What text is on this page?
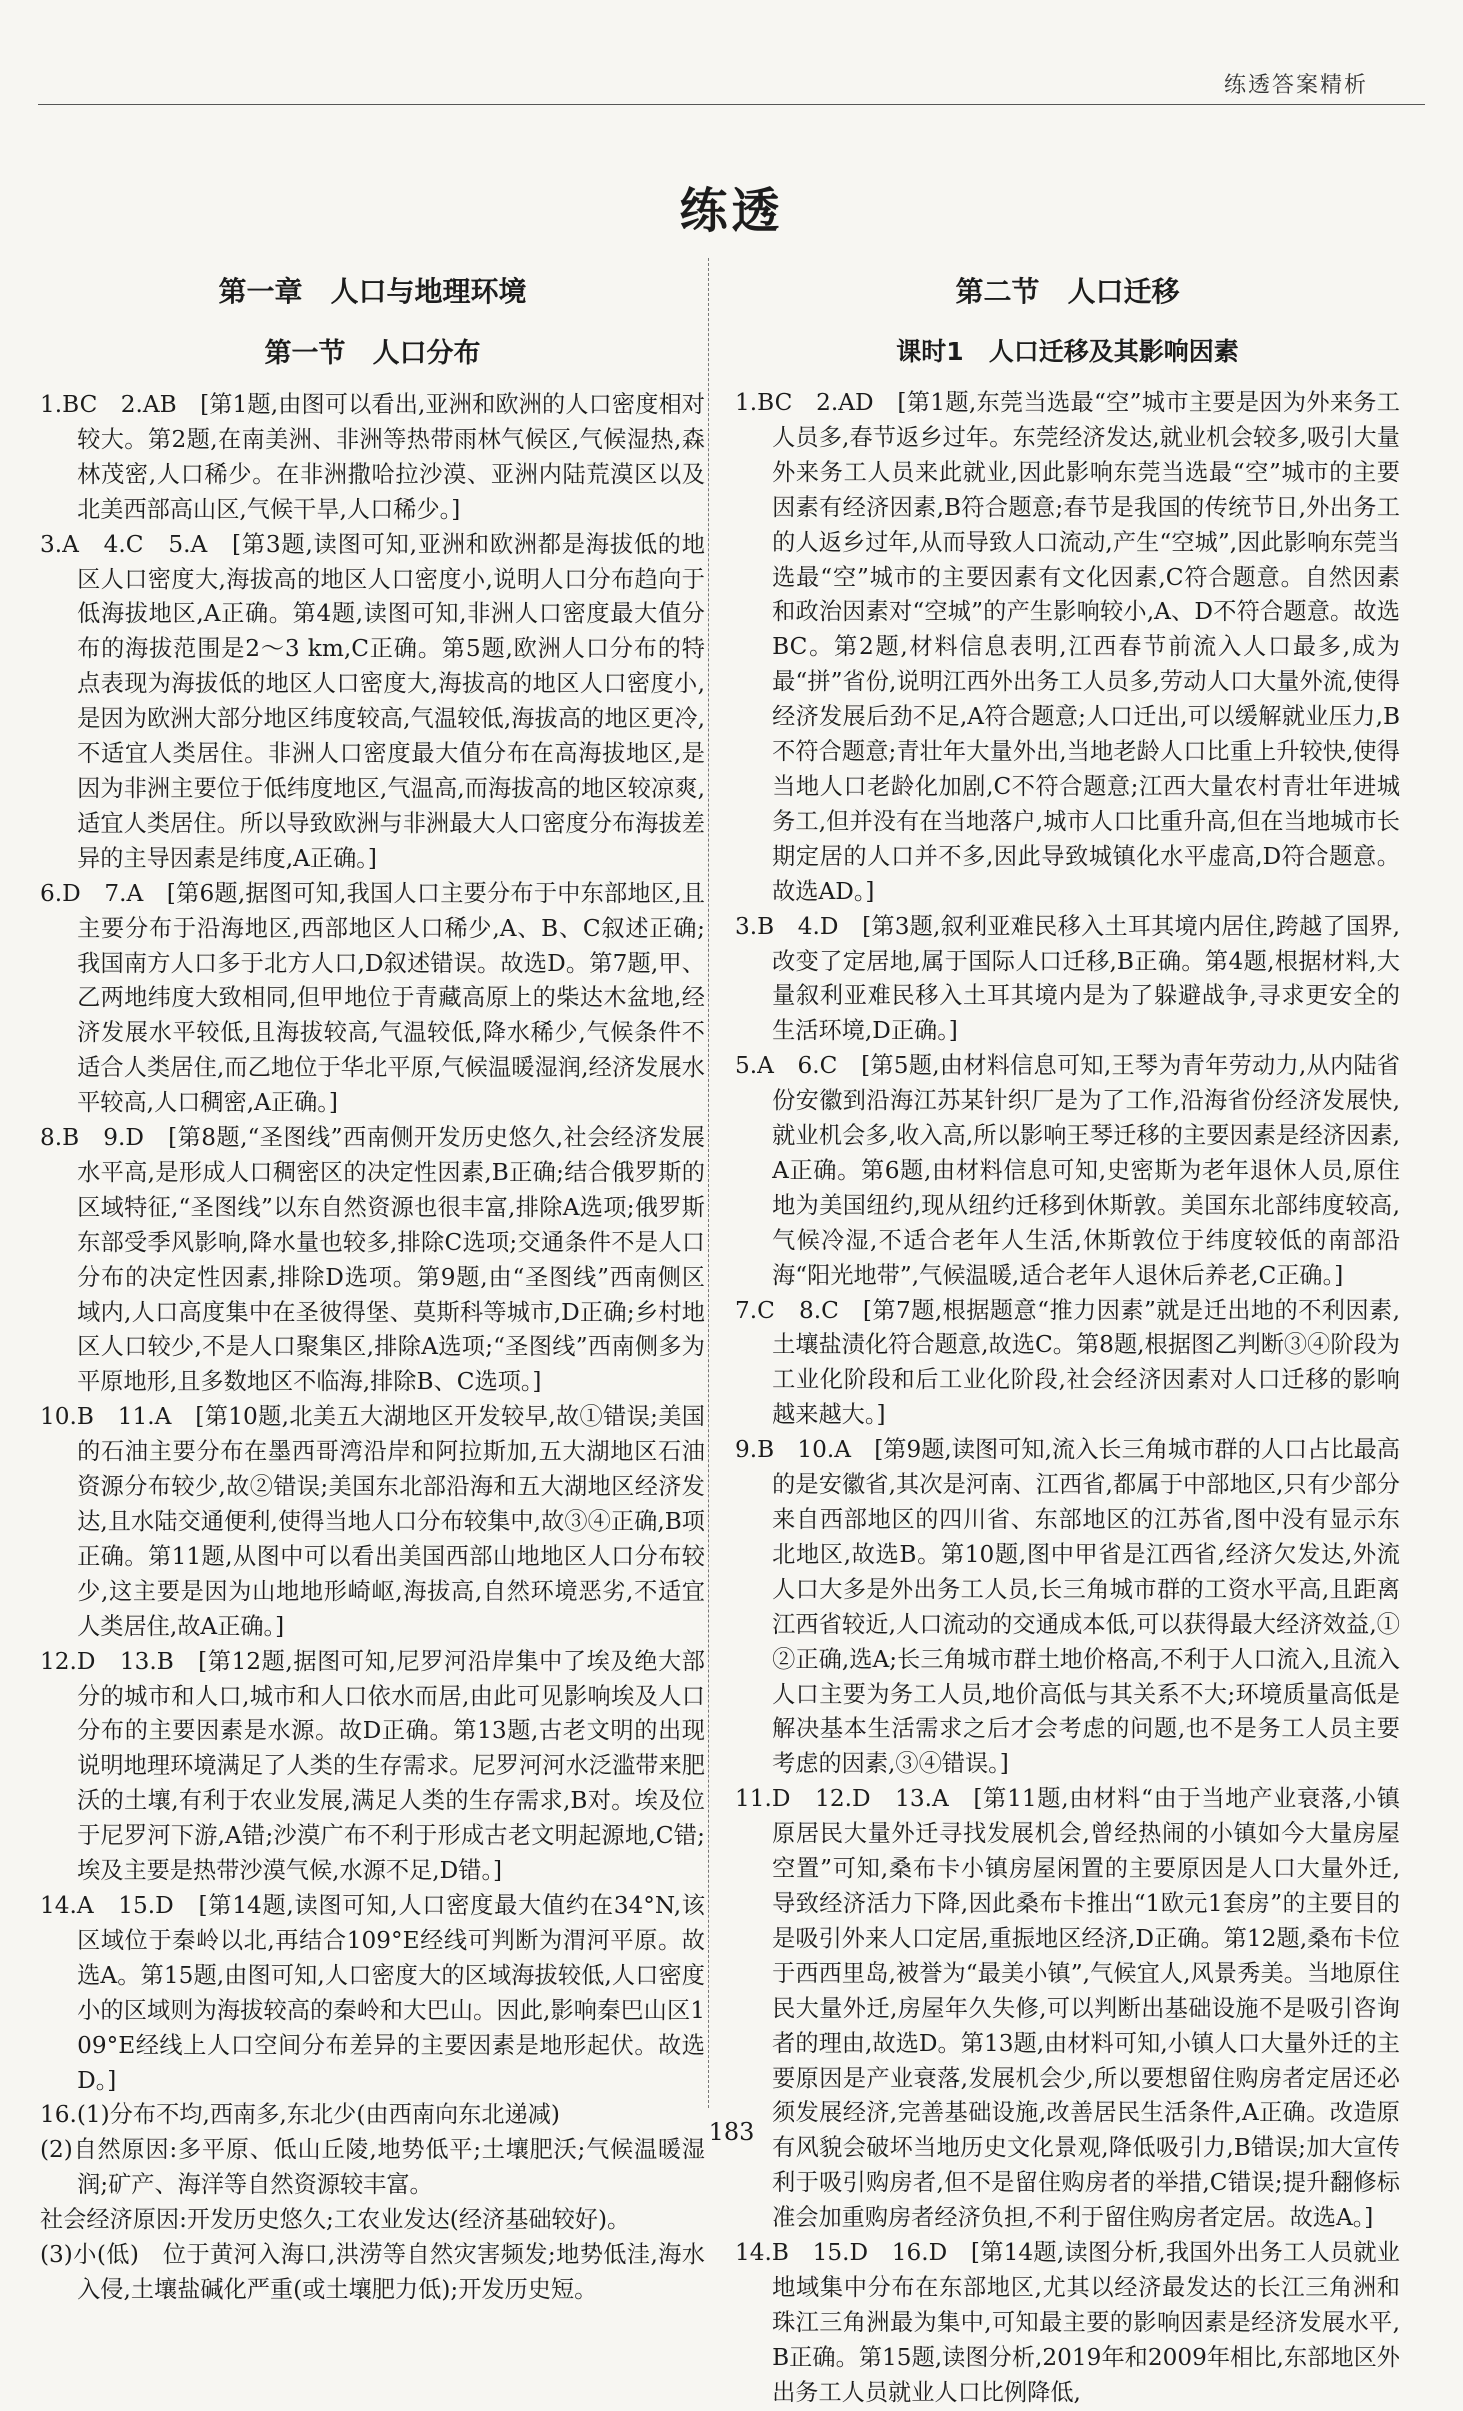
练透答案精析
练透
第一章　人口与地理环境
第一节　人口分布

1.BC　2.AB　[第1题,由图可以看出,亚洲和欧洲的人口密度相对较大。第2题,在南美洲、非洲等热带雨林气候区,气候湿热,森林茂密,人口稀少。在非洲撒哈拉沙漠、亚洲内陆荒漠区以及北美西部高山区,气候干旱,人口稀少。]

3.A　4.C　5.A　[第3题,读图可知,亚洲和欧洲都是海拔低的地区人口密度大,海拔高的地区人口密度小,说明人口分布趋向于低海拔地区,A正确。第4题,读图可知,非洲人口密度最大值分布的海拔范围是2～3 km,C正确。第5题,欧洲人口分布的特点表现为海拔低的地区人口密度大,海拔高的地区人口密度小,是因为欧洲大部分地区纬度较高,气温较低,海拔高的地区更冷,不适宜人类居住。非洲人口密度最大值分布在高海拔地区,是因为非洲主要位于低纬度地区,气温高,而海拔高的地区较凉爽,适宜人类居住。所以导致欧洲与非洲最大人口密度分布海拔差异的主导因素是纬度,A正确。]

6.D　7.A　[第6题,据图可知,我国人口主要分布于中东部地区,且主要分布于沿海地区,西部地区人口稀少,A、B、C叙述正确;我国南方人口多于北方人口,D叙述错误。故选D。第7题,甲、乙两地纬度大致相同,但甲地位于青藏高原上的柴达木盆地,经济发展水平较低,且海拔较高,气温较低,降水稀少,气候条件不适合人类居住,而乙地位于华北平原,气候温暖湿润,经济发展水平较高,人口稠密,A正确。]

8.B　9.D　[第8题,“圣图线”西南侧开发历史悠久,社会经济发展水平高,是形成人口稠密区的决定性因素,B正确;结合俄罗斯的区域特征,“圣图线”以东自然资源也很丰富,排除A选项;俄罗斯东部受季风影响,降水量也较多,排除C选项;交通条件不是人口分布的决定性因素,排除D选项。第9题,由“圣图线”西南侧区域内,人口高度集中在圣彼得堡、莫斯科等城市,D正确;乡村地区人口较少,不是人口聚集区,排除A选项;“圣图线”西南侧多为平原地形,且多数地区不临海,排除B、C选项。]

10.B　11.A　[第10题,北美五大湖地区开发较早,故①错误;美国的石油主要分布在墨西哥湾沿岸和阿拉斯加,五大湖地区石油资源分布较少,故②错误;美国东北部沿海和五大湖地区经济发达,且水陆交通便利,使得当地人口分布较集中,故③④正确,B项正确。第11题,从图中可以看出美国西部山地地区人口分布较少,这主要是因为山地地形崎岖,海拔高,自然环境恶劣,不适宜人类居住,故A正确。]

12.D　13.B　[第12题,据图可知,尼罗河沿岸集中了埃及绝大部分的城市和人口,城市和人口依水而居,由此可见影响埃及人口分布的主要因素是水源。故D正确。第13题,古老文明的出现说明地理环境满足了人类的生存需求。尼罗河河水泛滥带来肥沃的土壤,有利于农业发展,满足人类的生存需求,B对。埃及位于尼罗河下游,A错;沙漠广布不利于形成古老文明起源地,C错;埃及主要是热带沙漠气候,水源不足,D错。]

14.A　15.D　[第14题,读图可知,人口密度最大值约在34°N,该区域位于秦岭以北,再结合109°E经线可判断为渭河平原。故选A。第15题,由图可知,人口密度大的区域海拔较低,人口密度小的区域则为海拔较高的秦岭和大巴山。因此,影响秦巴山区109°E经线上人口空间分布差异的主要因素是地形起伏。故选D。]

16.(1)分布不均,西南多,东北少(由西南向东北递减)

(2)自然原因:多平原、低山丘陵,地势低平;土壤肥沃;气候温暖湿润;矿产、海洋等自然资源较丰富。

社会经济原因:开发历史悠久;工农业发达(经济基础较好)。

(3)小(低)　位于黄河入海口,洪涝等自然灾害频发;地势低洼,海水入侵,土壤盐碱化严重(或土壤肥力低);开发历史短。

第二节　人口迁移
课时1　人口迁移及其影响因素

1.BC　2.AD　[第1题,东莞当选最“空”城市主要是因为外来务工人员多,春节返乡过年。东莞经济发达,就业机会较多,吸引大量外来务工人员来此就业,因此影响东莞当选最“空”城市的主要因素有经济因素,B符合题意;春节是我国的传统节日,外出务工的人返乡过年,从而导致人口流动,产生“空城”,因此影响东莞当选最“空”城市的主要因素有文化因素,C符合题意。自然因素和政治因素对“空城”的产生影响较小,A、D不符合题意。故选BC。第2题,材料信息表明,江西春节前流入人口最多,成为最“拼”省份,说明江西外出务工人员多,劳动人口大量外流,使得经济发展后劲不足,A符合题意;人口迁出,可以缓解就业压力,B不符合题意;青壮年大量外出,当地老龄人口比重上升较快,使得当地人口老龄化加剧,C不符合题意;江西大量农村青壮年进城务工,但并没有在当地落户,城市人口比重升高,但在当地城市长期定居的人口并不多,因此导致城镇化水平虚高,D符合题意。故选AD。]

3.B　4.D　[第3题,叙利亚难民移入土耳其境内居住,跨越了国界,改变了定居地,属于国际人口迁移,B正确。第4题,根据材料,大量叙利亚难民移入土耳其境内是为了躲避战争,寻求更安全的生活环境,D正确。]

5.A　6.C　[第5题,由材料信息可知,王琴为青年劳动力,从内陆省份安徽到沿海江苏某针织厂是为了工作,沿海省份经济发展快,就业机会多,收入高,所以影响王琴迁移的主要因素是经济因素,A正确。第6题,由材料信息可知,史密斯为老年退休人员,原住地为美国纽约,现从纽约迁移到休斯敦。美国东北部纬度较高,气候冷湿,不适合老年人生活,休斯敦位于纬度较低的南部沿海“阳光地带”,气候温暖,适合老年人退休后养老,C正确。]

7.C　8.C　[第7题,根据题意“推力因素”就是迁出地的不利因素,土壤盐渍化符合题意,故选C。第8题,根据图乙判断③④阶段为工业化阶段和后工业化阶段,社会经济因素对人口迁移的影响越来越大。]

9.B　10.A　[第9题,读图可知,流入长三角城市群的人口占比最高的是安徽省,其次是河南、江西省,都属于中部地区,只有少部分来自西部地区的四川省、东部地区的江苏省,图中没有显示东北地区,故选B。第10题,图中甲省是江西省,经济欠发达,外流人口大多是外出务工人员,长三角城市群的工资水平高,且距离江西省较近,人口流动的交通成本低,可以获得最大经济效益,①②正确,选A;长三角城市群土地价格高,不利于人口流入,且流入人口主要为务工人员,地价高低与其关系不大;环境质量高低是解决基本生活需求之后才会考虑的问题,也不是务工人员主要考虑的因素,③④错误。]

11.D　12.D　13.A　[第11题,由材料“由于当地产业衰落,小镇原居民大量外迁寻找发展机会,曾经热闹的小镇如今大量房屋空置”可知,桑布卡小镇房屋闲置的主要原因是人口大量外迁,导致经济活力下降,因此桑布卡推出“1欧元1套房”的主要目的是吸引外来人口定居,重振地区经济,D正确。第12题,桑布卡位于西西里岛,被誉为“最美小镇”,气候宜人,风景秀美。当地原住民大量外迁,房屋年久失修,可以判断出基础设施不是吸引咨询者的理由,故选D。第13题,由材料可知,小镇人口大量外迁的主要原因是产业衰落,发展机会少,所以要想留住购房者定居还必须发展经济,完善基础设施,改善居民生活条件,A正确。改造原有风貌会破坏当地历史文化景观,降低吸引力,B错误;加大宣传利于吸引购房者,但不是留住购房者的举措,C错误;提升翻修标准会加重购房者经济负担,不利于留住购房者定居。故选A。]

14.B　15.D　16.D　[第14题,读图分析,我国外出务工人员就业地域集中分布在东部地区,尤其以经济最发达的长江三角洲和珠江三角洲最为集中,可知最主要的影响因素是经济发展水平,B正确。第15题,读图分析,2019年和2009年相比,东部地区外出务工人员就业人口比例降低,

183
